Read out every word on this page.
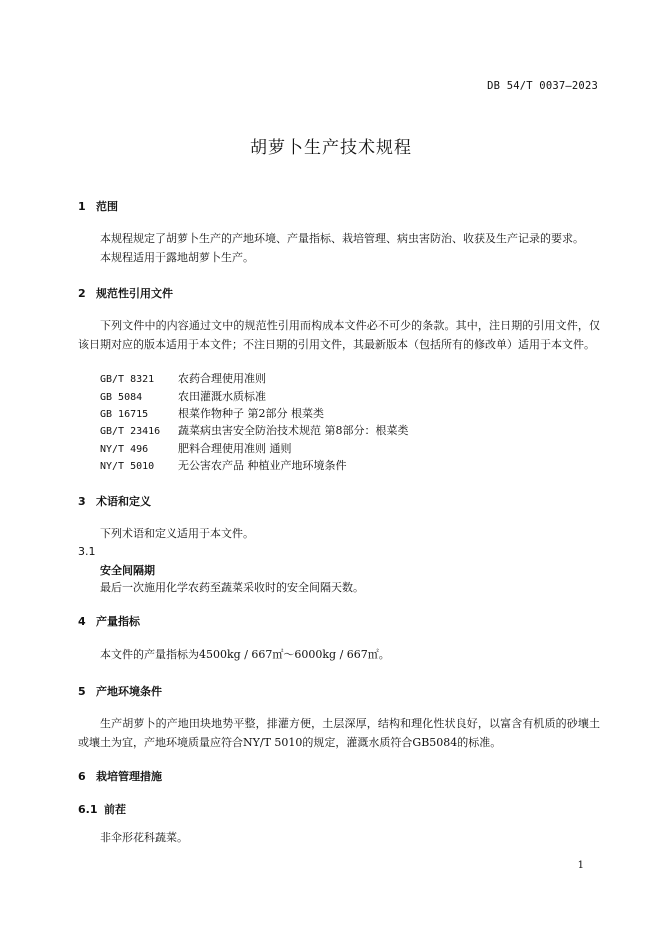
DB 54/T 0037—2023
胡萝卜生产技术规程
1 范围
本规程规定了胡萝卜生产的产地环境、产量指标、栽培管理、病虫害防治、收获及生产记录的要求。
本规程适用于露地胡萝卜生产。
2 规范性引用文件
下列文件中的内容通过文中的规范性引用而构成本文件必不可少的条款。其中，注日期的引用文件，仅该日期对应的版本适用于本文件；不注日期的引用文件，其最新版本（包括所有的修改单）适用于本文件。
GB/T 8321 农药合理使用准则
GB 5084	农田灌溉水质标准
GB 16715	根菜作物种子 第2部分 根菜类
GB/T 23416 蔬菜病虫害安全防治技术规范 第8部分：根菜类
NY/T 496	肥料合理使用准则 通则
NY/T 5010 无公害农产品 种植业产地环境条件
3 术语和定义
下列术语和定义适用于本文件。
3.1
安全间隔期
最后一次施用化学农药至蔬菜采收时的安全间隔天数。
4 产量指标
本文件的产量指标为4500kg / 667㎡～6000kg / 667㎡。
5 产地环境条件
生产胡萝卜的产地田块地势平整，排灌方便，土层深厚，结构和理化性状良好，以富含有机质的砂壤土或壤土为宜，产地环境质量应符合NY/T 5010的规定，灌溉水质符合GB5084的标准。
6 栽培管理措施
6.1 前茬
非伞形花科蔬菜。
1
